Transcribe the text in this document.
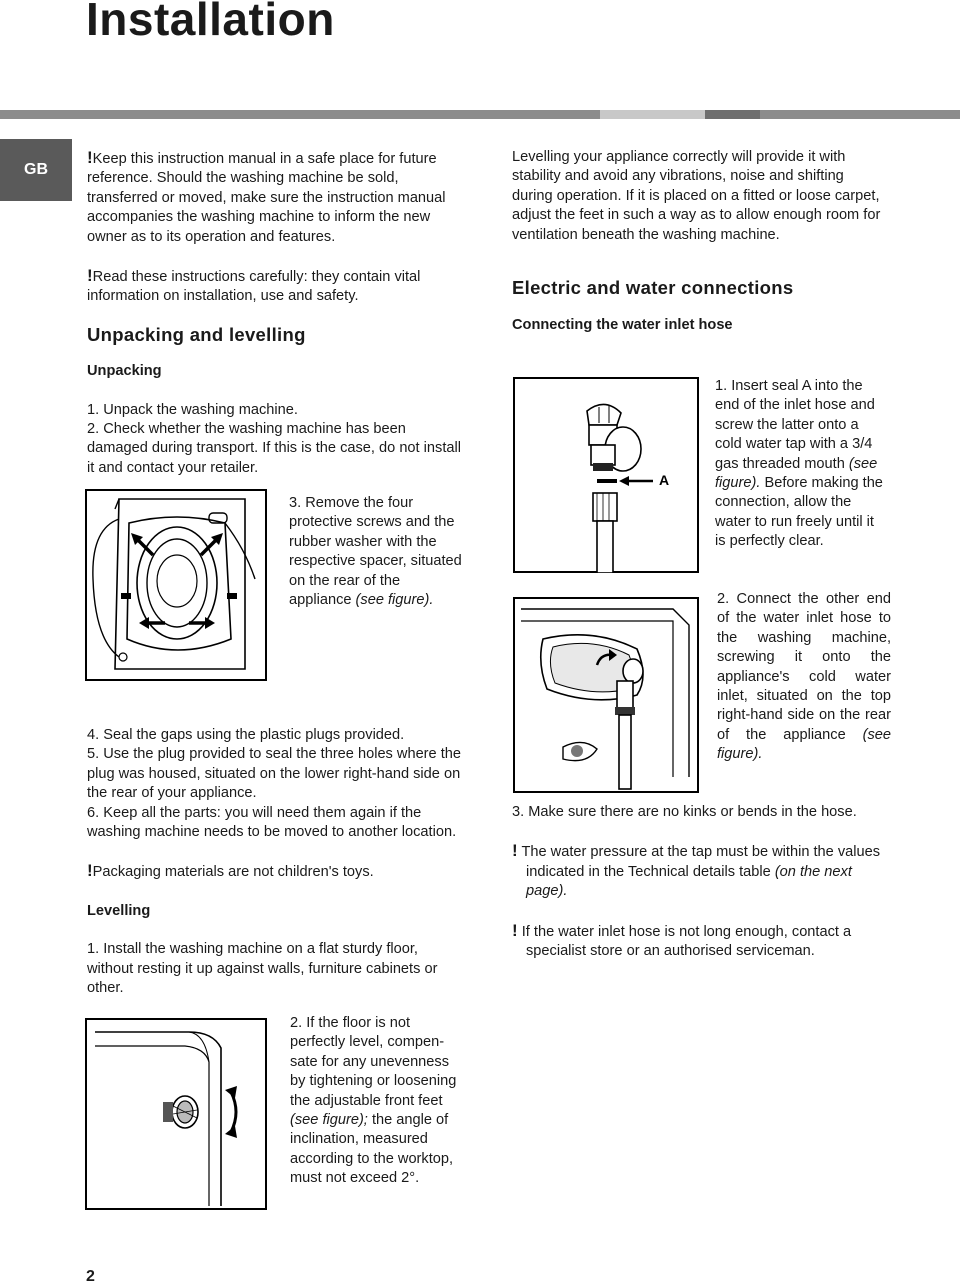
Installation
GB

!Keep this instruction manual in a safe place for future reference. Should the washing machine be sold, transferred or moved, make sure the instruction manual accompanies the washing machine to inform the new owner as to its operation and features.

!Read these instructions carefully: they contain vital information on installation, use and safety.

Unpacking and levelling
Unpacking

1. Unpack the washing machine.

2. Check whether the washing machine has been damaged during transport. If this is the case, do not install it and contact your retailer.

3. Remove the four protective screws and the rubber washer with the respective spacer, situated on the rear of the appliance (see figure).

4. Seal the gaps using the plastic plugs provided.

5. Use the plug provided to seal the three holes where the plug was housed, situated on the lower right-hand side on the rear of your appliance.

6. Keep all the parts: you will need them again if the washing machine needs to be moved to another location.

!Packaging materials are not children's toys.

Levelling

1. Install the washing machine on a flat sturdy floor, without resting it up against walls, furniture cabinets or other.

2. If the floor is not perfectly level, compen-sate for any unevenness by tightening or loosening the adjustable front feet (see figure); the angle of inclination, measured according to the worktop, must not exceed 2°.

Levelling your appliance correctly will provide it with stability and avoid any vibrations, noise and shifting during operation. If it is placed on a fitted or loose carpet, adjust the feet in such a way as to allow enough room for ventilation beneath the washing machine.

Electric and water connections
Connecting the water inlet hose
A

1. Insert seal A into the end of the inlet hose and screw the latter onto a cold water tap with a 3/4 gas threaded mouth (see figure). Before making the connection, allow the water to run freely until it is perfectly clear.

2. Connect the other end of the water inlet hose to the washing machine, screwing it onto the appliance's cold water inlet, situated on the top right-hand side on the rear of the appliance (see figure).

3. Make sure there are no kinks or bends in the hose.

! The water pressure at the tap must be within the values indicated in the Technical details table (on the next page).

! If the water inlet hose is not long enough, contact a specialist store or an authorised serviceman.

2
